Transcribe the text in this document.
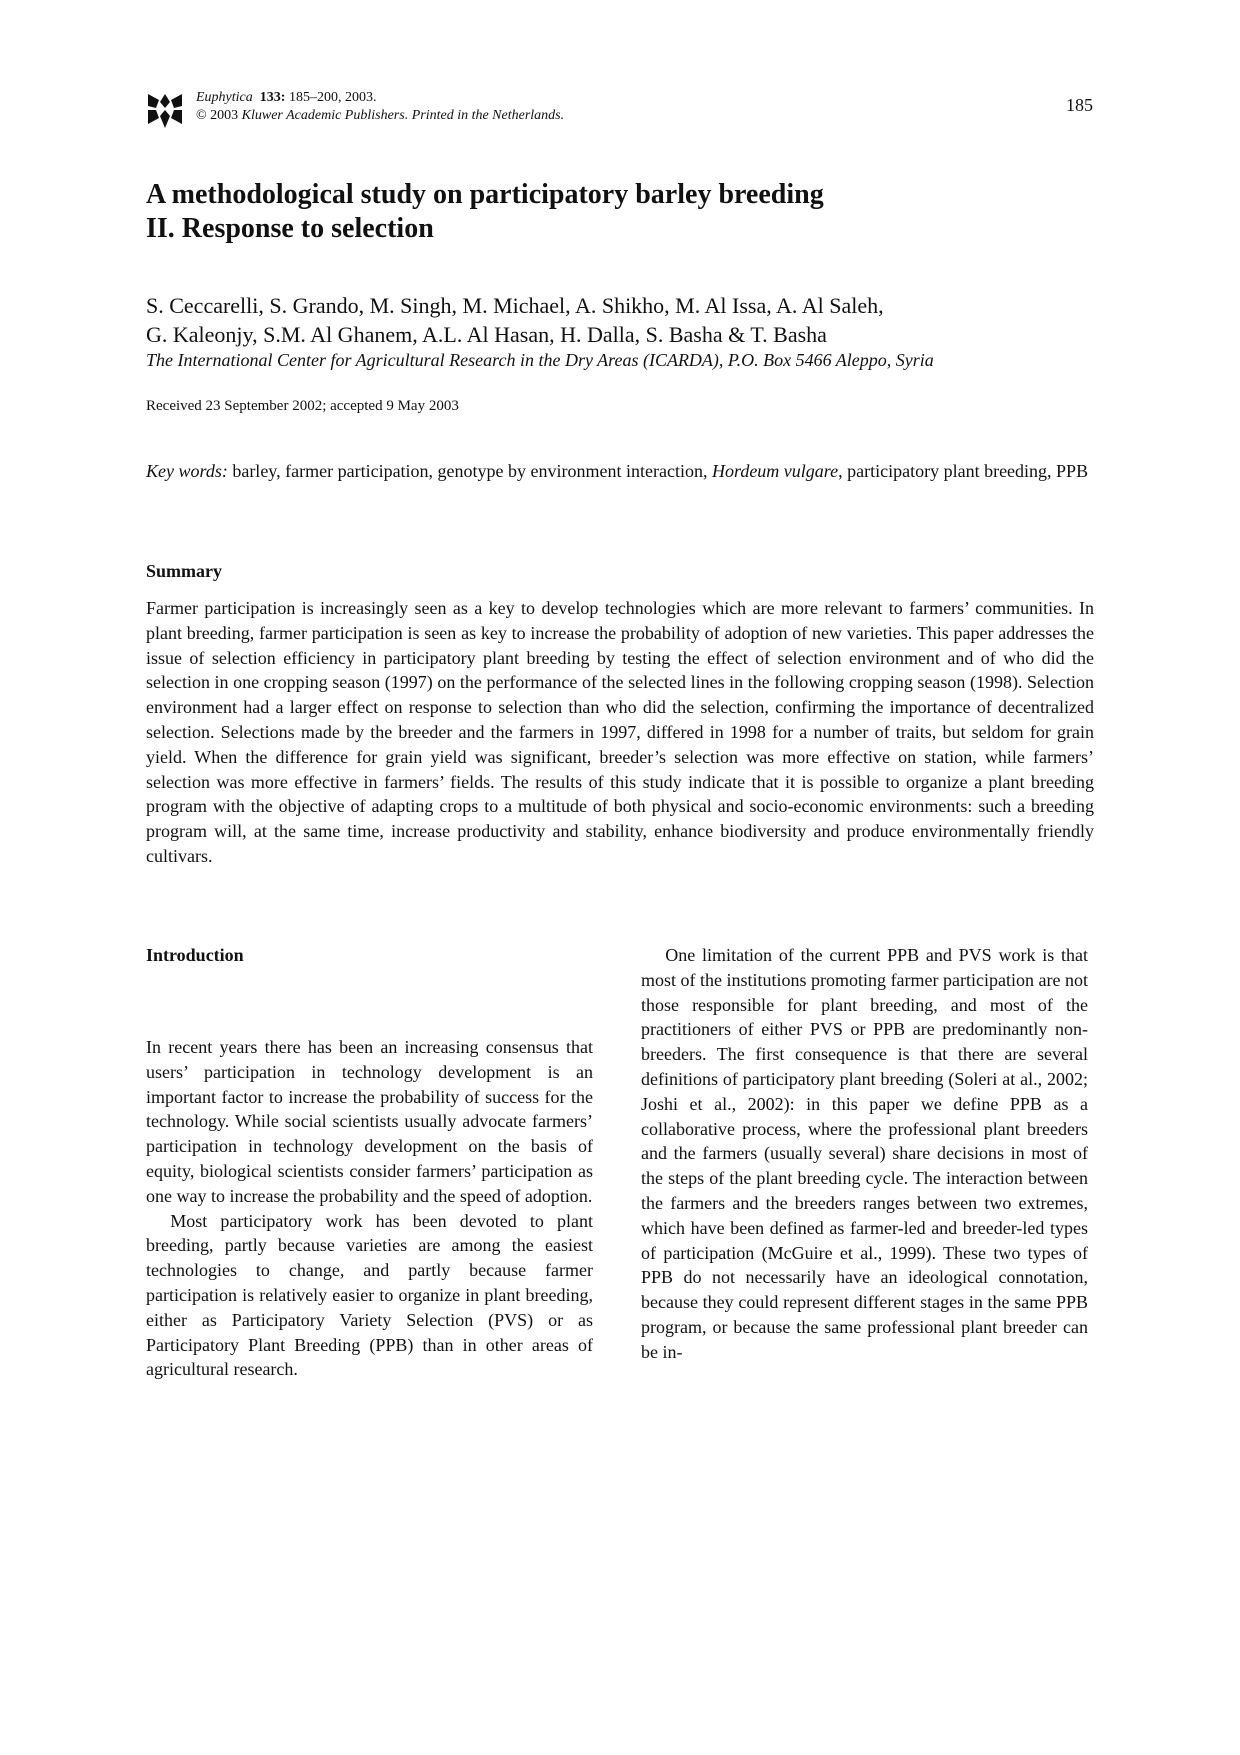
Euphytica 133: 185–200, 2003.
© 2003 Kluwer Academic Publishers. Printed in the Netherlands.
185
A methodological study on participatory barley breeding
II. Response to selection
S. Ceccarelli, S. Grando, M. Singh, M. Michael, A. Shikho, M. Al Issa, A. Al Saleh,
G. Kaleonjy, S.M. Al Ghanem, A.L. Al Hasan, H. Dalla, S. Basha & T. Basha
The International Center for Agricultural Research in the Dry Areas (ICARDA), P.O. Box 5466 Aleppo, Syria
Received 23 September 2002; accepted 9 May 2003
Key words: barley, farmer participation, genotype by environment interaction, Hordeum vulgare, participatory plant breeding, PPB
Summary

Farmer participation is increasingly seen as a key to develop technologies which are more relevant to farmers’ communities. In plant breeding, farmer participation is seen as key to increase the probability of adoption of new varieties. This paper addresses the issue of selection efficiency in participatory plant breeding by testing the effect of selection environment and of who did the selection in one cropping season (1997) on the performance of the selected lines in the following cropping season (1998). Selection environment had a larger effect on response to selection than who did the selection, confirming the importance of decentralized selection. Selections made by the breeder and the farmers in 1997, differed in 1998 for a number of traits, but seldom for grain yield. When the difference for grain yield was significant, breeder’s selection was more effective on station, while farmers’ selection was more effective in farmers’ fields. The results of this study indicate that it is possible to organize a plant breeding program with the objective of adapting crops to a multitude of both physical and socio-economic environments: such a breeding program will, at the same time, increase productivity and stability, enhance biodiversity and produce environmentally friendly cultivars.

Introduction

In recent years there has been an increasing consensus that users’ participation in technology development is an important factor to increase the probability of success for the technology. While social scientists usually advocate farmers’ participation in technology development on the basis of equity, biological scientists consider farmers’ participation as one way to increase the probability and the speed of adoption.

Most participatory work has been devoted to plant breeding, partly because varieties are among the easiest technologies to change, and partly because farmer participation is relatively easier to organize in plant breeding, either as Participatory Variety Selection (PVS) or as Participatory Plant Breeding (PPB) than in other areas of agricultural research.

One limitation of the current PPB and PVS work is that most of the institutions promoting farmer participation are not those responsible for plant breeding, and most of the practitioners of either PVS or PPB are predominantly non-breeders. The first consequence is that there are several definitions of participatory plant breeding (Soleri at al., 2002; Joshi et al., 2002): in this paper we define PPB as a collaborative process, where the professional plant breeders and the farmers (usually several) share decisions in most of the steps of the plant breeding cycle. The interaction between the farmers and the breeders ranges between two extremes, which have been defined as farmer-led and breeder-led types of participation (McGuire et al., 1999). These two types of PPB do not necessarily have an ideological connotation, because they could represent different stages in the same PPB program, or because the same professional plant breeder can be in-
